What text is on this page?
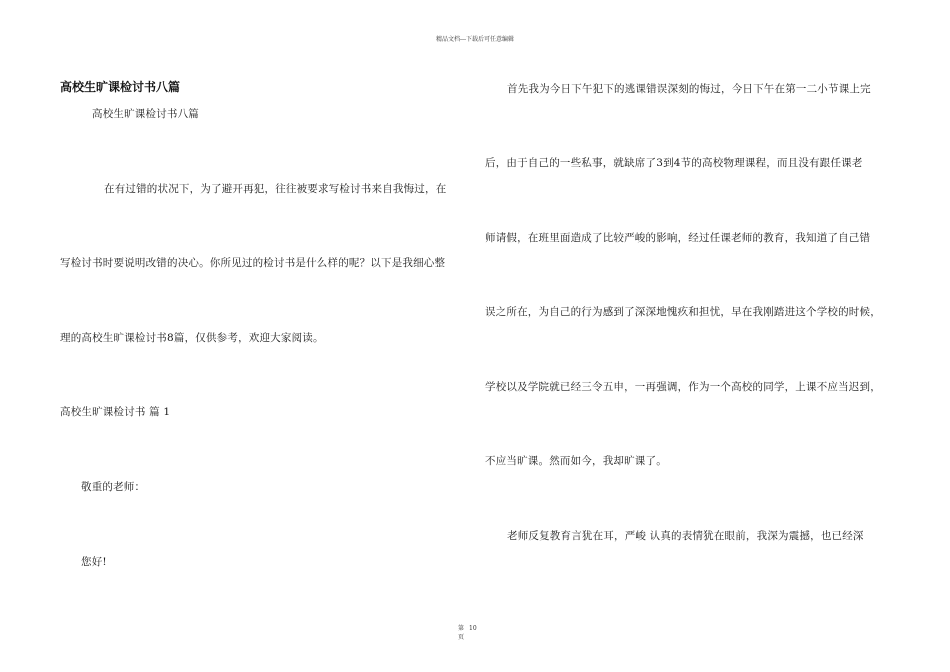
精品文档---下载后可任意编辑
高校生旷课检讨书八篇
高校生旷课检讨书八篇
在有过错的状况下，为了避开再犯，往往被要求写检讨书来自我悔过，在
写检讨书时要说明改错的决心。你所见过的检讨书是什么样的呢？以下是我细心整
理的高校生旷课检讨书8篇，仅供参考，欢迎大家阅读。
高校生旷课检讨书 篇 1
敬重的老师：
您好!
首先我为今日下午犯下的逃课错误深刻的悔过，今日下午在第一二小节课上完
后，由于自己的一些私事，就缺席了3到4节的高校物理课程，而且没有跟任课老
师请假，在班里面造成了比较严峻的影响，经过任课老师的教育，我知道了自己错
误之所在，为自己的行为感到了深深地愧疚和担忧，早在我刚踏进这个学校的时候，
学校以及学院就已经三令五申，一再强调，作为一个高校的同学，上课不应当迟到，
不应当旷课。然而如今，我却旷课了。
老师反复教育言犹在耳，严峻 认真的表情犹在眼前，我深为震撼，也已经深
第 10
页
